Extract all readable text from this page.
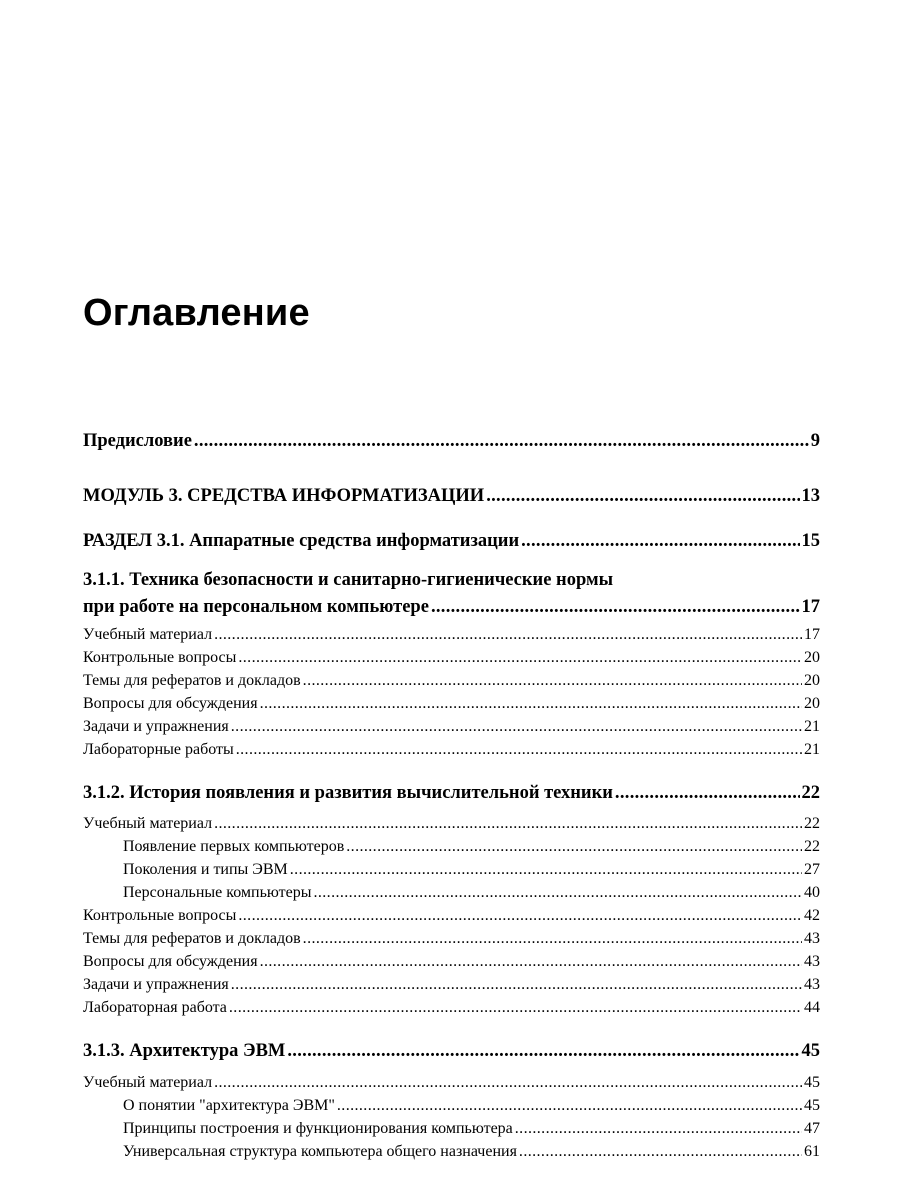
Оглавление
Предисловие .....	9
МОДУЛЬ 3. СРЕДСТВА ИНФОРМАТИЗАЦИИ .....	13
РАЗДЕЛ 3.1. Аппаратные средства информатизации .....	15
3.1.1. Техника безопасности и санитарно-гигиенические нормы
при работе на персональном компьютере .....	17
Учебный материал .....	17
Контрольные вопросы .....	20
Темы для рефератов и докладов .....	20
Вопросы для обсуждения .....	20
Задачи и упражнения .....	21
Лабораторные работы .....	21
3.1.2. История появления и развития вычислительной техники .....	22
Учебный материал .....	22
Появление первых компьютеров .....	22
Поколения и типы ЭВМ .....	27
Персональные компьютеры .....	40
Контрольные вопросы .....	42
Темы для рефератов и докладов .....	43
Вопросы для обсуждения .....	43
Задачи и упражнения .....	43
Лабораторная работа .....	44
3.1.3. Архитектура ЭВМ .....	45
Учебный материал .....	45
О понятии "архитектура ЭВМ" .....	45
Принципы построения и функционирования компьютера .....	47
Универсальная структура компьютера общего назначения .....	61
